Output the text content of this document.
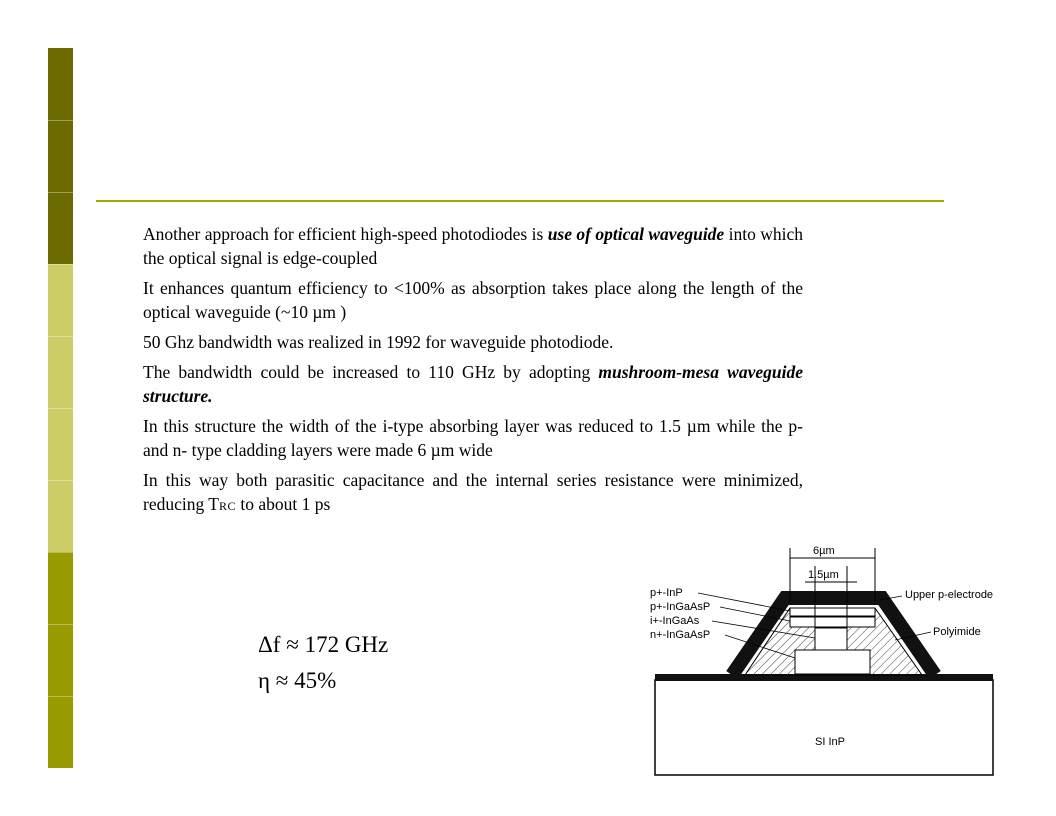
Another approach for efficient high-speed photodiodes is use of optical waveguide into which the optical signal is edge-coupled

It enhances quantum efficiency to <100% as absorption takes place along the length of the optical waveguide (~10 µm )

50 Ghz bandwidth was realized in 1992 for waveguide photodiode.

The bandwidth could be increased to 110 GHz by adopting mushroom-mesa waveguide structure.

In this structure the width of the i-type absorbing layer was reduced to 1.5 µm while the p- and n- type cladding layers were made 6 µm wide

In this way both parasitic capacitance and the internal series resistance were minimized, reducing TRC to about 1 ps

Δf ≈ 172 GHz
η ≈ 45%
SI InP
6µm
1.5µm
p+-InP
p+-InGaAsP
i+-InGaAs
n+-InGaAsP
Upper p-electrode
Polyimide
